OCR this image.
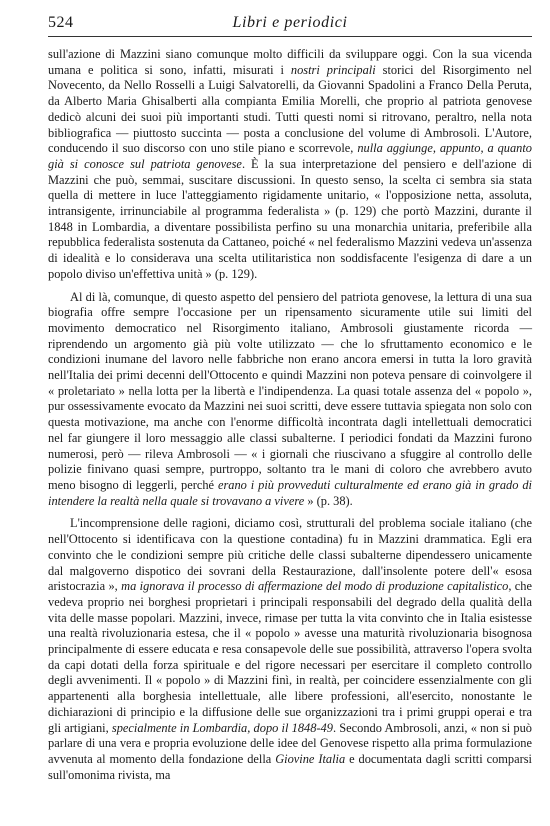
524	Libri e periodici

sull'azione di Mazzini siano comunque molto difficili da sviluppare oggi. Con la sua vicenda umana e politica si sono, infatti, misurati i nostri principali storici del Risorgimento nel Novecento, da Nello Rosselli a Luigi Salvatorelli, da Giovanni Spadolini a Franco Della Peruta, da Alberto Maria Ghisalberti alla compianta Emilia Morelli, che proprio al patriota genovese dedicò alcuni dei suoi più importanti studi. Tutti questi nomi si ritrovano, peraltro, nella nota bibliografica — piuttosto succinta — posta a conclusione del volume di Ambrosoli. L'Autore, conducendo il suo discorso con uno stile piano e scorrevole, nulla aggiunge, appunto, a quanto già si conosce sul patriota genovese. È la sua interpretazione del pensiero e dell'azione di Mazzini che può, semmai, suscitare discussioni. In questo senso, la scelta ci sembra sia stata quella di mettere in luce l'atteggiamento rigidamente unitario, « l'opposizione netta, assoluta, intransigente, irrinunciabile al programma federalista » (p. 129) che portò Mazzini, durante il 1848 in Lombardia, a diventare possibilista perfino su una monarchia unitaria, preferibile alla repubblica federalista sostenuta da Cattaneo, poiché « nel federalismo Mazzini vedeva un'assenza di idealità e lo considerava una scelta utilitaristica non soddisfacente l'esigenza di dare a un popolo diviso un'effettiva unità » (p. 129).

Al di là, comunque, di questo aspetto del pensiero del patriota genovese, la lettura di una sua biografia offre sempre l'occasione per un ripensamento sicuramente utile sui limiti del movimento democratico nel Risorgimento italiano, Ambrosoli giustamente ricorda — riprendendo un argomento già più volte utilizzato — che lo sfruttamento economico e le condizioni inumane del lavoro nelle fabbriche non erano ancora emersi in tutta la loro gravità nell'Italia dei primi decenni dell'Ottocento e quindi Mazzini non poteva pensare di coinvolgere il « proletariato » nella lotta per la libertà e l'indipendenza. La quasi totale assenza del « popolo », pur ossessivamente evocato da Mazzini nei suoi scritti, deve essere tuttavia spiegata non solo con questa motivazione, ma anche con l'enorme difficoltà incontrata dagli intellettuali democratici nel far giungere il loro messaggio alle classi subalterne. I periodici fondati da Mazzini furono numerosi, però — rileva Ambrosoli — « i giornali che riuscivano a sfuggire al controllo delle polizie finivano quasi sempre, purtroppo, soltanto tra le mani di coloro che avrebbero avuto meno bisogno di leggerli, perché erano i più provveduti culturalmente ed erano già in grado di intendere la realtà nella quale si trovavano a vivere » (p. 38).

L'incomprensione delle ragioni, diciamo così, strutturali del problema sociale italiano (che nell'Ottocento si identificava con la questione contadina) fu in Mazzini drammatica. Egli era convinto che le condizioni sempre più critiche delle classi subalterne dipendessero unicamente dal malgoverno dispotico dei sovrani della Restaurazione, dall'insolente potere dell'« esosa aristocrazia », ma ignorava il processo di affermazione del modo di produzione capitalistico, che vedeva proprio nei borghesi proprietari i principali responsabili del degrado della qualità della vita delle masse popolari. Mazzini, invece, rimase per tutta la vita convinto che in Italia esistesse una realtà rivoluzionaria estesa, che il « popolo » avesse una maturità rivoluzionaria bisognosa principalmente di essere educata e resa consapevole delle sue possibilità, attraverso l'opera svolta da capi dotati della forza spirituale e del rigore necessari per esercitare il completo controllo degli avvenimenti. Il « popolo » di Mazzini finì, in realtà, per coincidere essenzialmente con gli appartenenti alla borghesia intellettuale, alle libere professioni, all'esercito, nonostante le dichiarazioni di principio e la diffusione delle sue organizzazioni tra i primi gruppi operai e tra gli artigiani, specialmente in Lombardia, dopo il 1848-49. Secondo Ambrosoli, anzi, « non si può parlare di una vera e propria evoluzione delle idee del Genovese rispetto alla prima formulazione avvenuta al momento della fondazione della Giovine Italia e documentata dagli scritti comparsi sull'omonima rivista, ma
